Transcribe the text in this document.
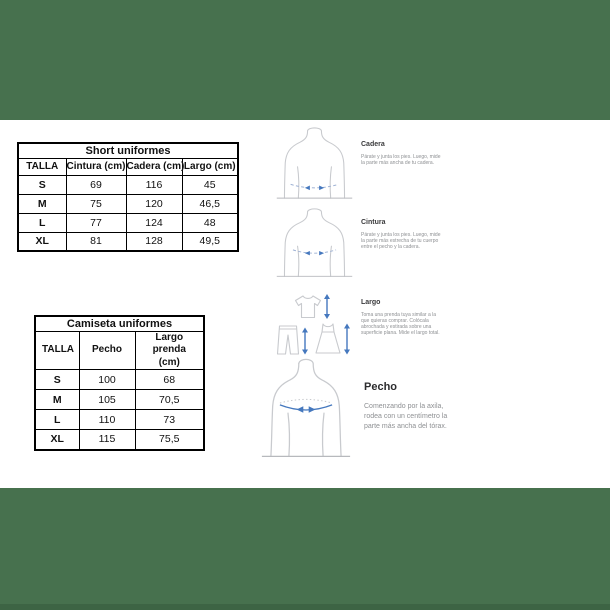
Short uniformes			
TALLA	Cintura (cm)	Cadera (cm)	Largo (cm)
S	69	116	45
M	75	120	46,5
L	77	124	48
XL	81	128	49,5
Camiseta uniformes		
TALLA	Pecho	Largo prenda (cm)
S	100	68
M	105	70,5
L	110	73
XL	115	75,5
Cadera
Párate y junta los pies. Luego, mide la parte más ancha de tu cadera.
Cintura
Párate y junta los pies. Luego, mide la parte más estrecha de tu cuerpo entre el pecho y la cadera.
Largo
Toma una prenda tuya similar a la que quieras comprar. Colócala abrochada y estirada sobre una superficie plana. Mide el largo total.
Pecho
Comenzando por la axila, rodea con un centímetro la parte más ancha del tórax.
